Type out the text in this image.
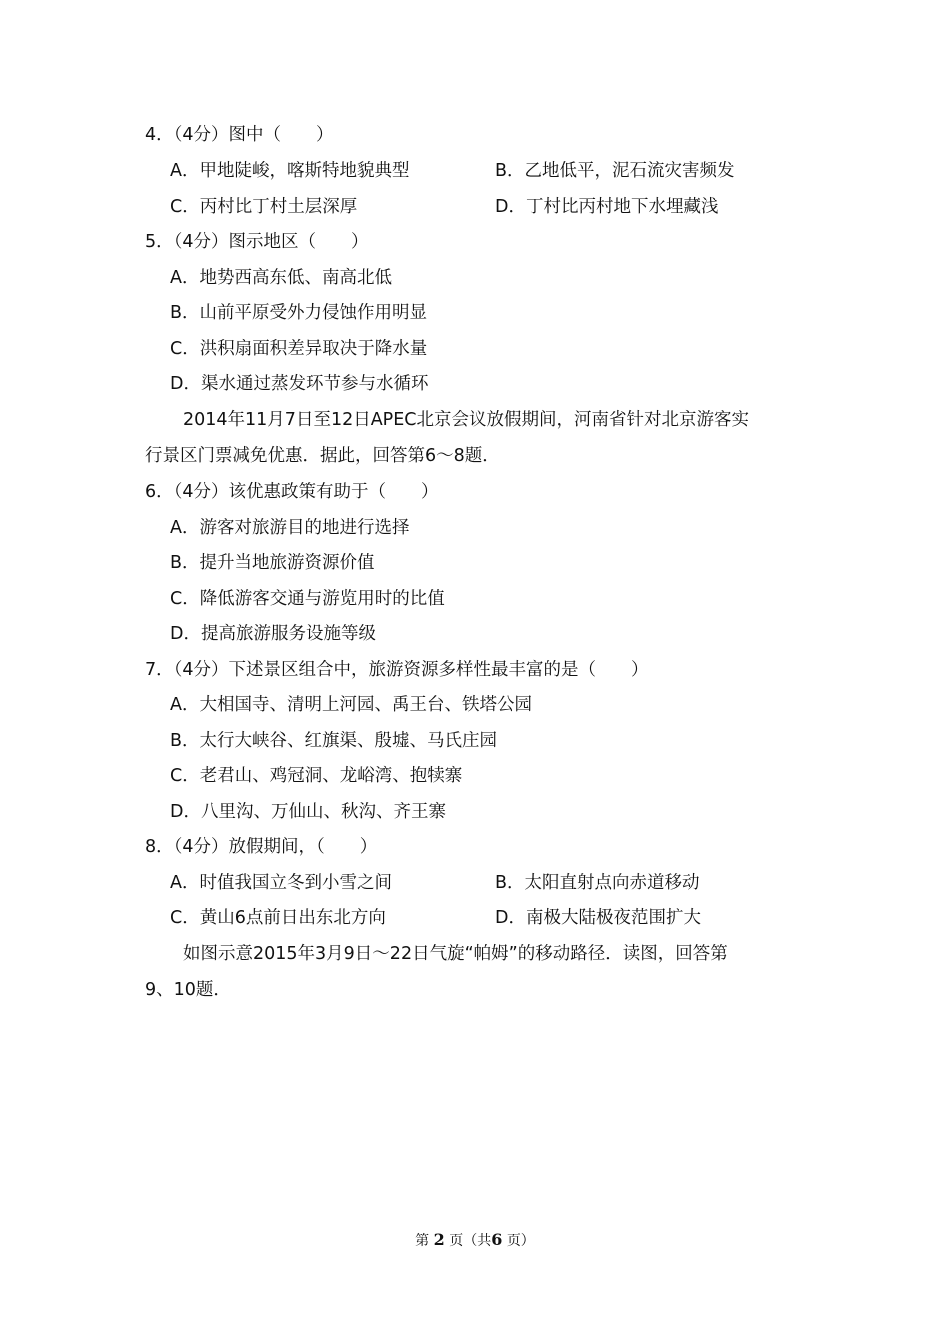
4．（4分）图中（　　）
A．甲地陡峻，喀斯特地貌典型	B．乙地低平，泥石流灾害频发
C．丙村比丁村土层深厚	D．丁村比丙村地下水埋藏浅
5．（4分）图示地区（　　）
A．地势西高东低、南高北低
B．山前平原受外力侵蚀作用明显
C．洪积扇面积差异取决于降水量
D．渠水通过蒸发环节参与水循环
2014年11月7日至12日APEC北京会议放假期间，河南省针对北京游客实
行景区门票减免优惠．据此，回答第6～8题．
6．（4分）该优惠政策有助于（　　）
A．游客对旅游目的地进行选择
B．提升当地旅游资源价值
C．降低游客交通与游览用时的比值
D．提高旅游服务设施等级
7．（4分）下述景区组合中，旅游资源多样性最丰富的是（　　）
A．大相国寺、清明上河园、禹王台、铁塔公园
B．太行大峡谷、红旗渠、殷墟、马氏庄园
C．老君山、鸡冠洞、龙峪湾、抱犊寨
D．八里沟、万仙山、秋沟、齐王寨
8．（4分）放假期间，（　　）
A．时值我国立冬到小雪之间	B．太阳直射点向赤道移动
C．黄山6点前日出东北方向	D．南极大陆极夜范围扩大
如图示意2015年3月9日～22日气旋“帕姆”的移动路径．读图，回答第
9、10题．
第 2 页（共6 页）
